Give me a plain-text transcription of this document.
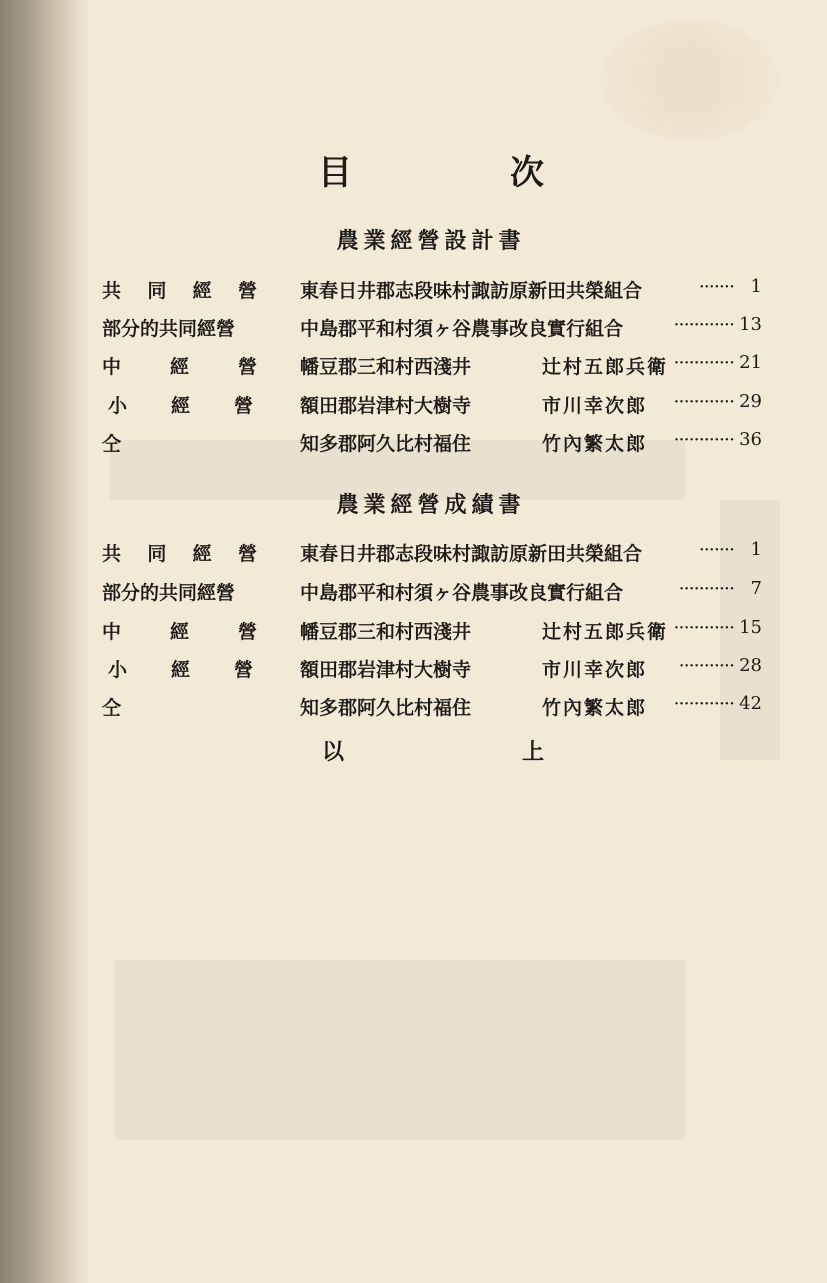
目	次
農業經營設計書
共 同 經 營 東春日井郡志段味村諏訪原新田共榮組合	······· 1
部分的共同經營	中島郡平和村須ヶ谷農事改良實行組合	············ 13
中	經	營 幡豆郡三和村西淺井	辻村五郎兵衛 ············ 21
小 經 營 額田郡岩津村大樹寺	市川幸次郎 ············ 29
仝	知多郡阿久比村福住	竹內繁太郎 ············ 36
農業經營成績書
共 同 經 營 東春日井郡志段味村諏訪原新田共榮組合	······· 1
部分的共同經營	中島郡平和村須ヶ谷農事改良實行組合	··········· 7
中	經	營 幡豆郡三和村西淺井	辻村五郎兵衛 ············ 15
小 經 營 額田郡岩津村大樹寺	市川幸次郎 ··········· 28
仝	知多郡阿久比村福住	竹內繁太郎 ············ 42
以	上
